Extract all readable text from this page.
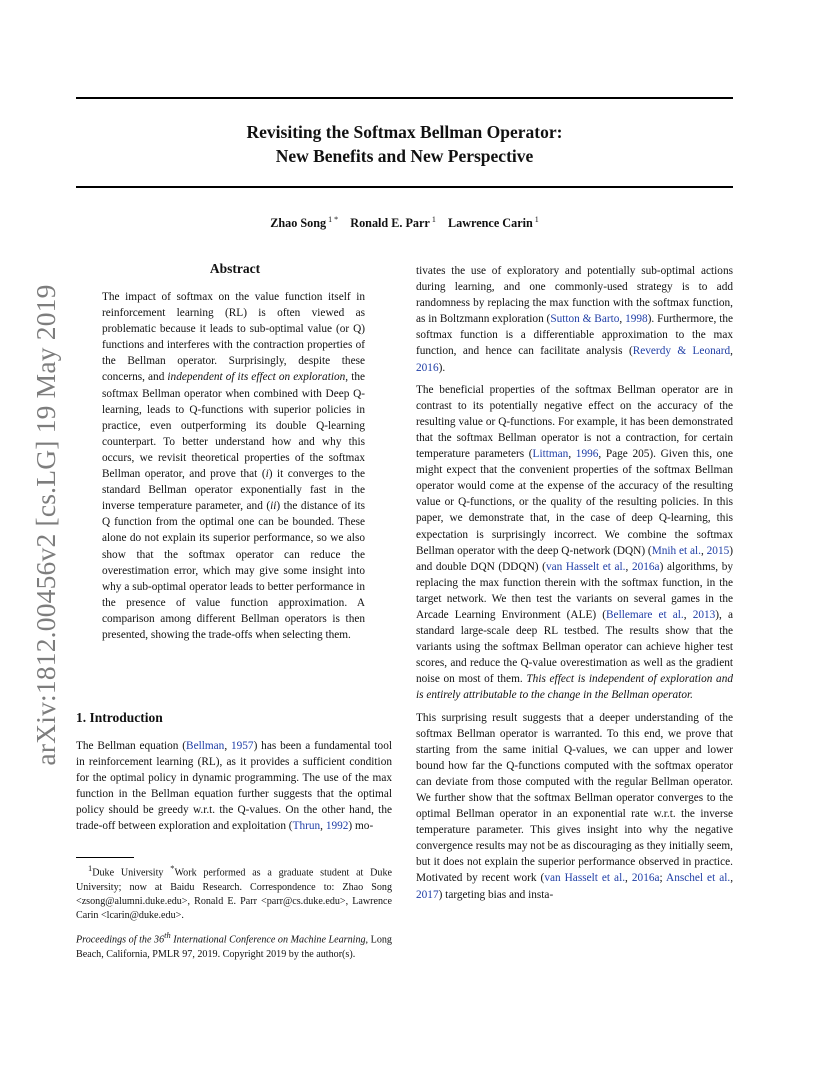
Revisiting the Softmax Bellman Operator:
New Benefits and New Perspective
Zhao Song $^{1 *}$ Ronald E. Parr $^1$ Lawrence Carin $^1$
arXiv:1812.00456v2 [cs.LG] 19 May 2019
Abstract
The impact of softmax on the value function itself in reinforcement learning (RL) is often viewed as problematic because it leads to sub-optimal value (or Q) functions and interferes with the contraction properties of the Bellman operator. Surprisingly, despite these concerns, and independent of its effect on exploration, the softmax Bellman operator when combined with Deep Q-learning, leads to Q-functions with superior policies in practice, even outperforming its double Q-learning counterpart. To better understand how and why this occurs, we revisit theoretical properties of the softmax Bellman operator, and prove that (i) it converges to the standard Bellman operator exponentially fast in the inverse temperature parameter, and (ii) the distance of its Q function from the optimal one can be bounded. These alone do not explain its superior performance, so we also show that the softmax operator can reduce the overestimation error, which may give some insight into why a sub-optimal operator leads to better performance in the presence of value function approximation. A comparison among different Bellman operators is then presented, showing the trade-offs when selecting them.
1. Introduction
The Bellman equation (Bellman, 1957) has been a fundamental tool in reinforcement learning (RL), as it provides a sufficient condition for the optimal policy in dynamic programming. The use of the max function in the Bellman equation further suggests that the optimal policy should be greedy w.r.t. the Q-values. On the other hand, the trade-off between exploration and exploitation (Thrun, 1992) mo-
$^1$Duke University *Work performed as a graduate student at Duke University; now at Baidu Research. Correspondence to: Zhao Song <zsong@alumni.duke.edu>, Ronald E. Parr <parr@cs.duke.edu>, Lawrence Carin <lcarin@duke.edu>.
Proceedings of the 36th International Conference on Machine Learning, Long Beach, California, PMLR 97, 2019. Copyright 2019 by the author(s).

tivates the use of exploratory and potentially sub-optimal actions during learning, and one commonly-used strategy is to add randomness by replacing the max function with the softmax function, as in Boltzmann exploration (Sutton & Barto, 1998). Furthermore, the softmax function is a differentiable approximation to the max function, and hence can facilitate analysis (Reverdy & Leonard, 2016).

The beneficial properties of the softmax Bellman operator are in contrast to its potentially negative effect on the accuracy of the resulting value or Q-functions. For example, it has been demonstrated that the softmax Bellman operator is not a contraction, for certain temperature parameters (Littman, 1996, Page 205). Given this, one might expect that the convenient properties of the softmax Bellman operator would come at the expense of the accuracy of the resulting value or Q-functions, or the quality of the resulting policies. In this paper, we demonstrate that, in the case of deep Q-learning, this expectation is surprisingly incorrect. We combine the softmax Bellman operator with the deep Q-network (DQN) (Mnih et al., 2015) and double DQN (DDQN) (van Hasselt et al., 2016a) algorithms, by replacing the max function therein with the softmax function, in the target network. We then test the variants on several games in the Arcade Learning Environment (ALE) (Bellemare et al., 2013), a standard large-scale deep RL testbed. The results show that the variants using the softmax Bellman operator can achieve higher test scores, and reduce the Q-value overestimation as well as the gradient noise on most of them. This effect is independent of exploration and is entirely attributable to the change in the Bellman operator.

This surprising result suggests that a deeper understanding of the softmax Bellman operator is warranted. To this end, we prove that starting from the same initial Q-values, we can upper and lower bound how far the Q-functions computed with the softmax operator can deviate from those computed with the regular Bellman operator. We further show that the softmax Bellman operator converges to the optimal Bellman operator in an exponential rate w.r.t. the inverse temperature parameter. This gives insight into why the negative convergence results may not be as discouraging as they initially seem, but it does not explain the superior performance observed in practice. Motivated by recent work (van Hasselt et al., 2016a; Anschel et al., 2017) targeting bias and insta-
